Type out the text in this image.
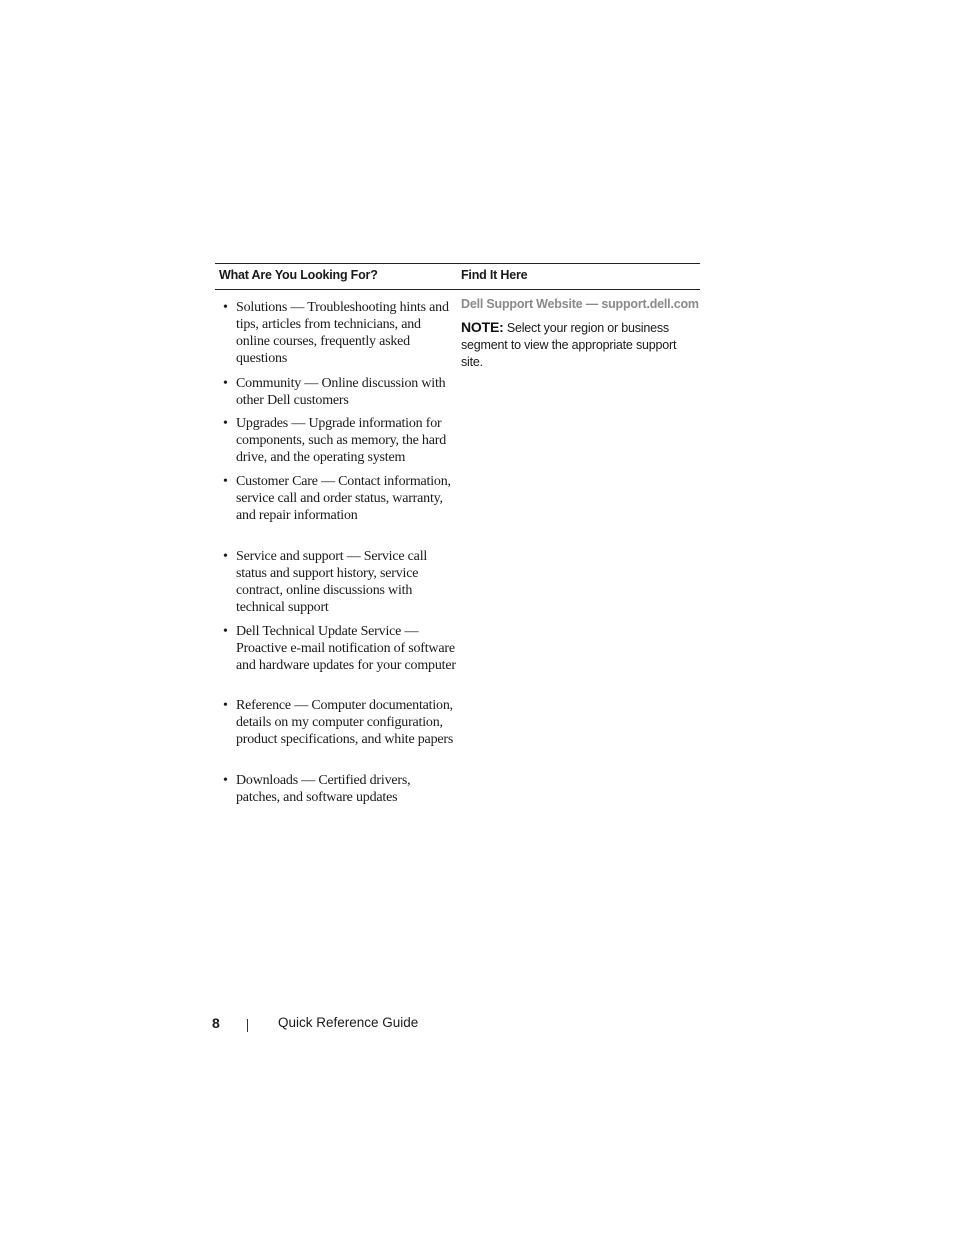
What Are You Looking For?	Find It Here
• Solutions — Troubleshooting hints and tips, articles from technicians, and online courses, frequently asked questions
• Community — Online discussion with other Dell customers
• Upgrades — Upgrade information for components, such as memory, the hard drive, and the operating system
• Customer Care — Contact information, service call and order status, warranty, and repair information
• Service and support — Service call status and support history, service contract, online discussions with technical support
• Dell Technical Update Service — Proactive e-mail notification of software and hardware updates for your computer
• Reference — Computer documentation, details on my computer configuration, product specifications, and white papers
• Downloads — Certified drivers, patches, and software updates
Dell Support Website — support.dell.com
NOTE: Select your region or business segment to view the appropriate support site.
8	Quick Reference Guide
